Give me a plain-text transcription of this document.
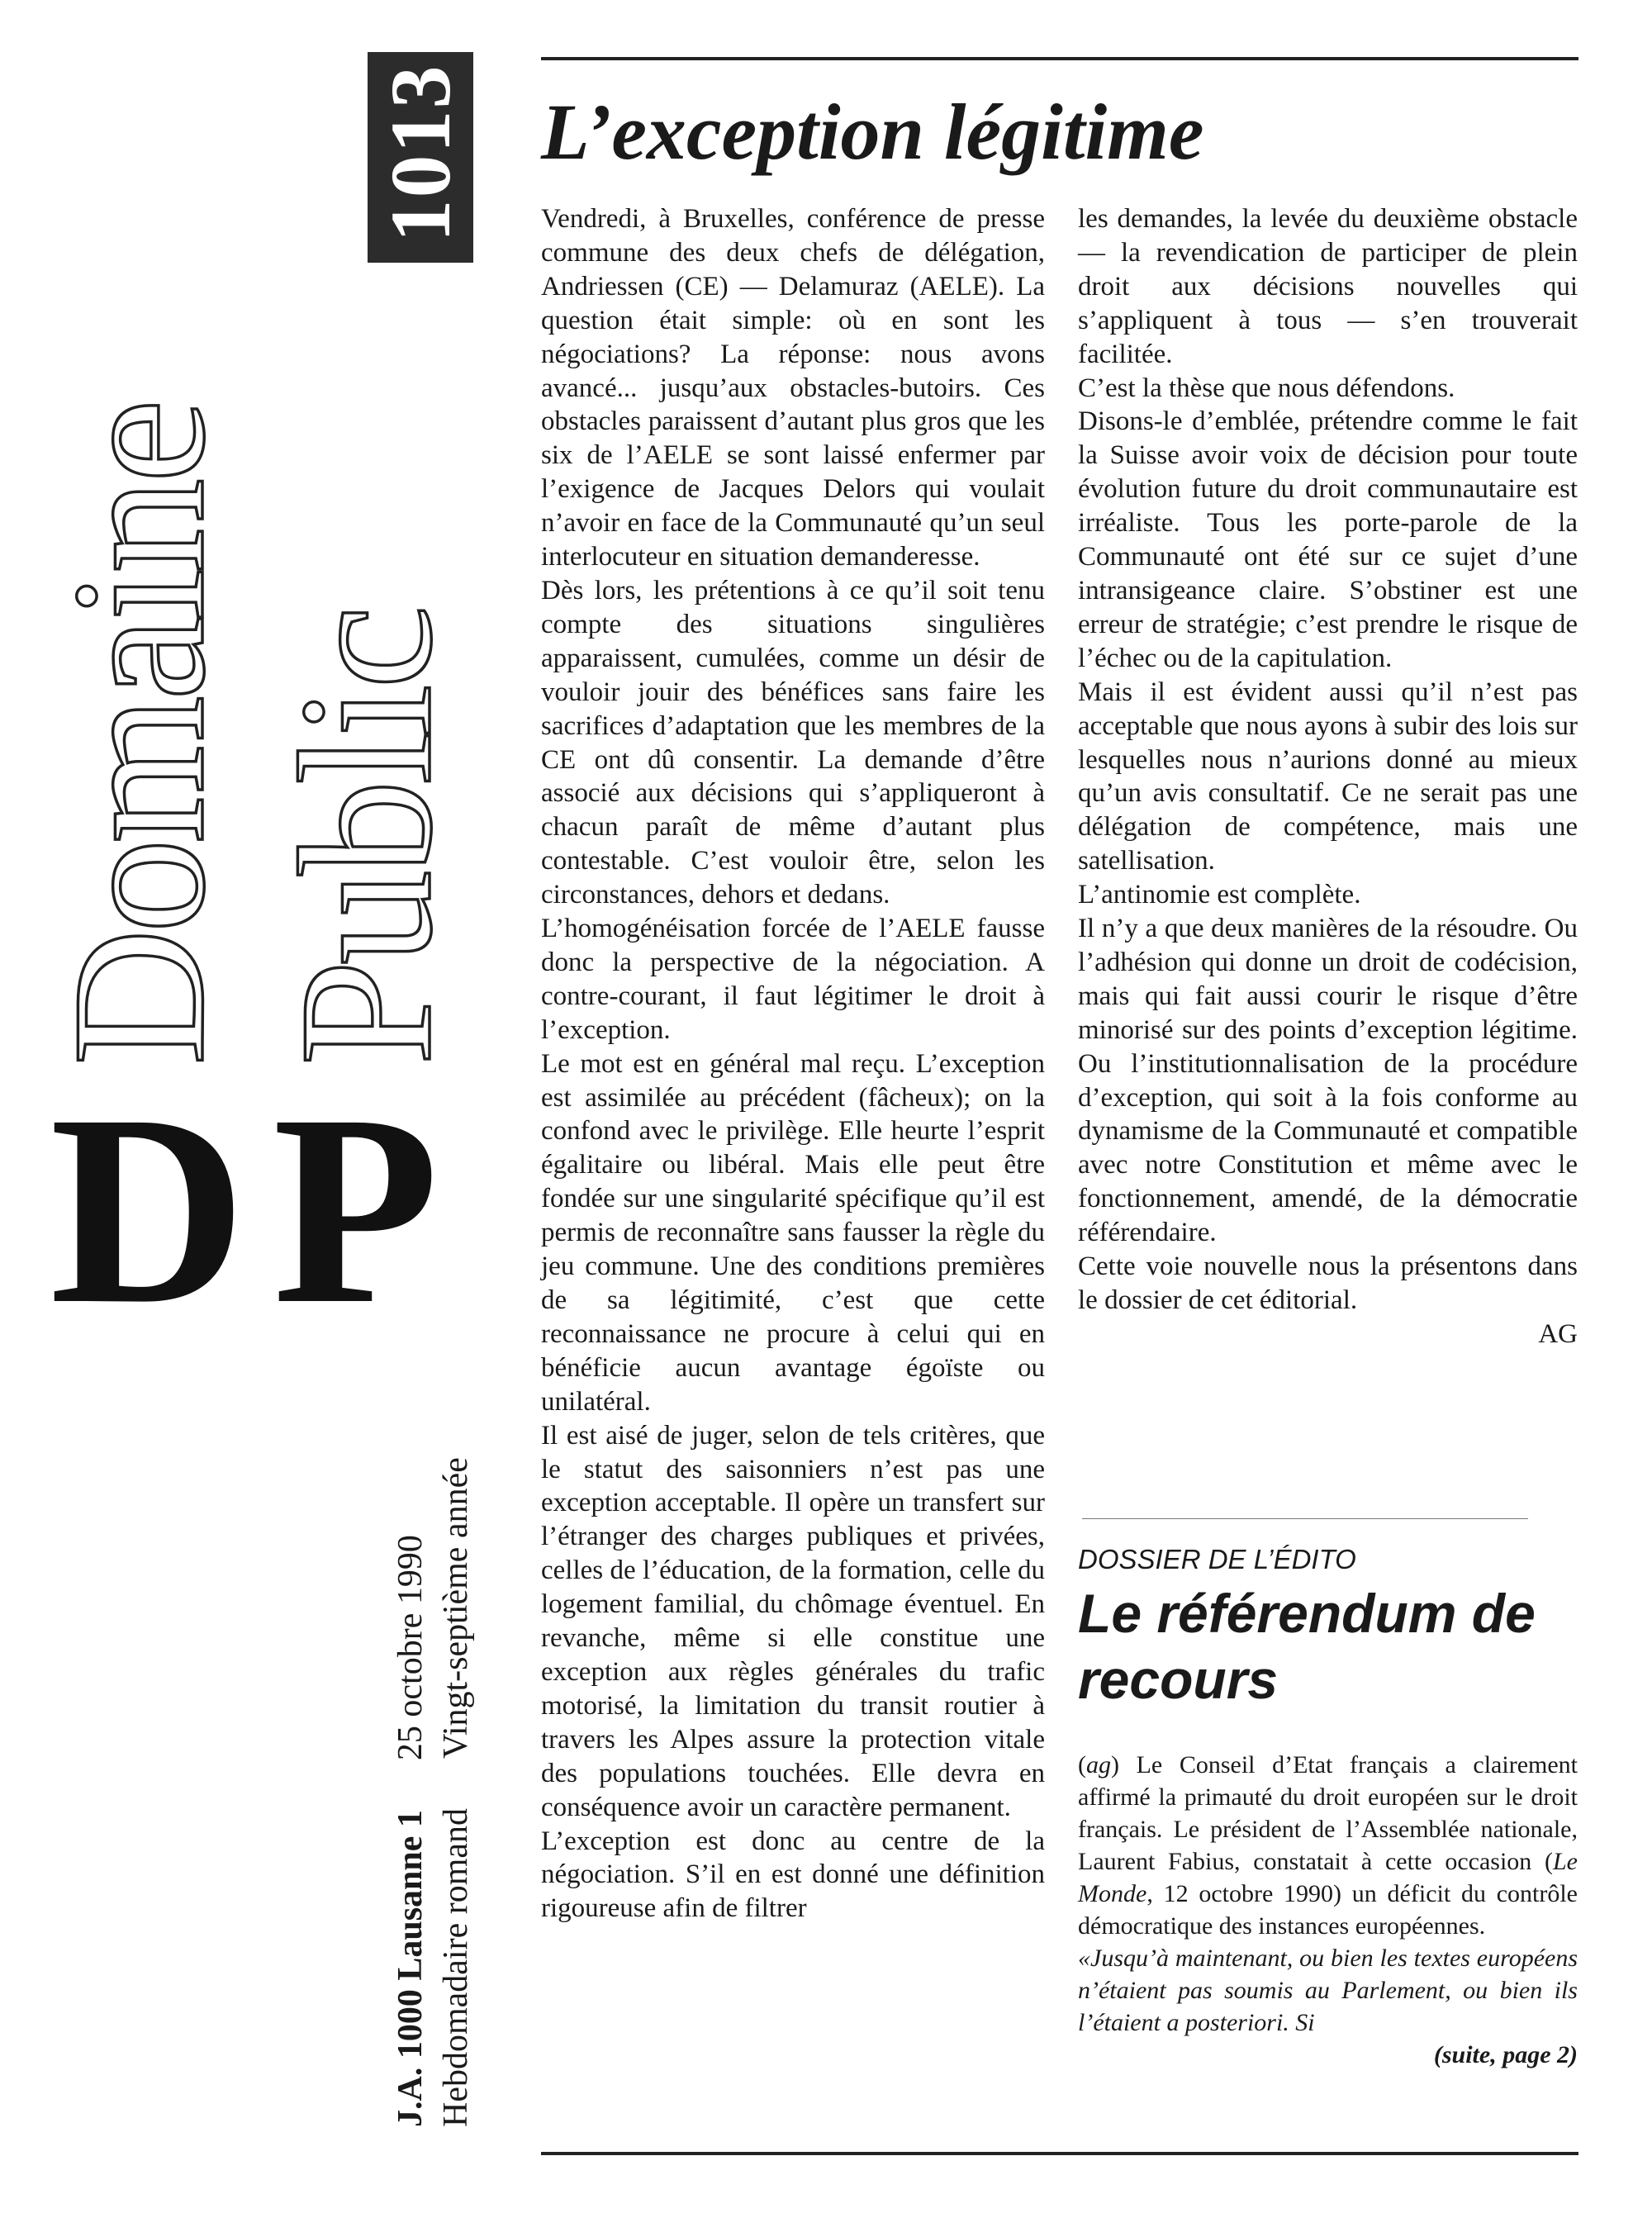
Domaine Public
1013
D P
J.A. 1000 Lausanne 125 octobre 1990
Hebdomadaire romandVingt-septième année
L’exception légitime

Vendredi, à Bruxelles, conférence de presse commune des deux chefs de délégation, Andriessen (CE) — Delamuraz (AELE). La question était simple: où en sont les négociations? La réponse: nous avons avancé... jusqu’aux obstacles-butoirs. Ces obstacles paraissent d’autant plus gros que les six de l’AELE se sont laissé enfermer par l’exigence de Jacques Delors qui voulait n’avoir en face de la Communauté qu’un seul interlocuteur en situation demanderesse.

Dès lors, les prétentions à ce qu’il soit tenu compte des situations singulières apparaissent, cumulées, comme un désir de vouloir jouir des bénéfices sans faire les sacrifices d’adaptation que les membres de la CE ont dû consentir. La demande d’être associé aux décisions qui s’appliqueront à chacun paraît de même d’autant plus contestable. C’est vouloir être, selon les circonstances, dehors et dedans.

L’homogénéisation forcée de l’AELE fausse donc la perspective de la négociation. A contre-courant, il faut légitimer le droit à l’exception.

Le mot est en général mal reçu. L’exception est assimilée au précédent (fâcheux); on la confond avec le privilège. Elle heurte l’esprit égalitaire ou libéral. Mais elle peut être fondée sur une singularité spécifique qu’il est permis de reconnaître sans fausser la règle du jeu commune. Une des conditions premières de sa légitimité, c’est que cette reconnaissance ne procure à celui qui en bénéficie aucun avantage égoïste ou unilatéral.

Il est aisé de juger, selon de tels critères, que le statut des saisonniers n’est pas une exception acceptable. Il opère un transfert sur l’étranger des charges publiques et privées, celles de l’éducation, de la formation, celle du logement familial, du chômage éventuel. En revanche, même si elle constitue une exception aux règles générales du trafic motorisé, la limitation du transit routier à travers les Alpes assure la protection vitale des populations touchées. Elle devra en conséquence avoir un caractère permanent.

L’exception est donc au centre de la négociation. S’il en est donné une définition rigoureuse afin de filtrer

les demandes, la levée du deuxième obstacle — la revendication de participer de plein droit aux décisions nouvelles qui s’appliquent à tous — s’en trouverait facilitée.

C’est la thèse que nous défendons.

Disons-le d’emblée, prétendre comme le fait la Suisse avoir voix de décision pour toute évolution future du droit communautaire est irréaliste. Tous les porte-parole de la Communauté ont été sur ce sujet d’une intransigeance claire. S’obstiner est une erreur de stratégie; c’est prendre le risque de l’échec ou de la capitulation.

Mais il est évident aussi qu’il n’est pas acceptable que nous ayons à subir des lois sur lesquelles nous n’aurions donné au mieux qu’un avis consultatif. Ce ne serait pas une délégation de compétence, mais une satellisation.

L’antinomie est complète.

Il n’y a que deux manières de la résoudre. Ou l’adhésion qui donne un droit de codécision, mais qui fait aussi courir le risque d’être minorisé sur des points d’exception légitime. Ou l’institutionnalisation de la procédure d’exception, qui soit à la fois conforme au dynamisme de la Communauté et compatible avec notre Constitution et même avec le fonctionnement, amendé, de la démocratie référendaire.

Cette voie nouvelle nous la présentons dans le dossier de cet éditorial.

AG

DOSSIER DE L’ÉDITO
Le référendum de recours

(ag) Le Conseil d’Etat français a clairement affirmé la primauté du droit européen sur le droit français. Le président de l’Assemblée nationale, Laurent Fabius, constatait à cette occasion (Le Monde, 12 octobre 1990) un déficit du contrôle démocratique des instances européennes.

«Jusqu’à maintenant, ou bien les textes européens n’étaient pas soumis au Parlement, ou bien ils l’étaient a posteriori. Si

(suite, page 2)
